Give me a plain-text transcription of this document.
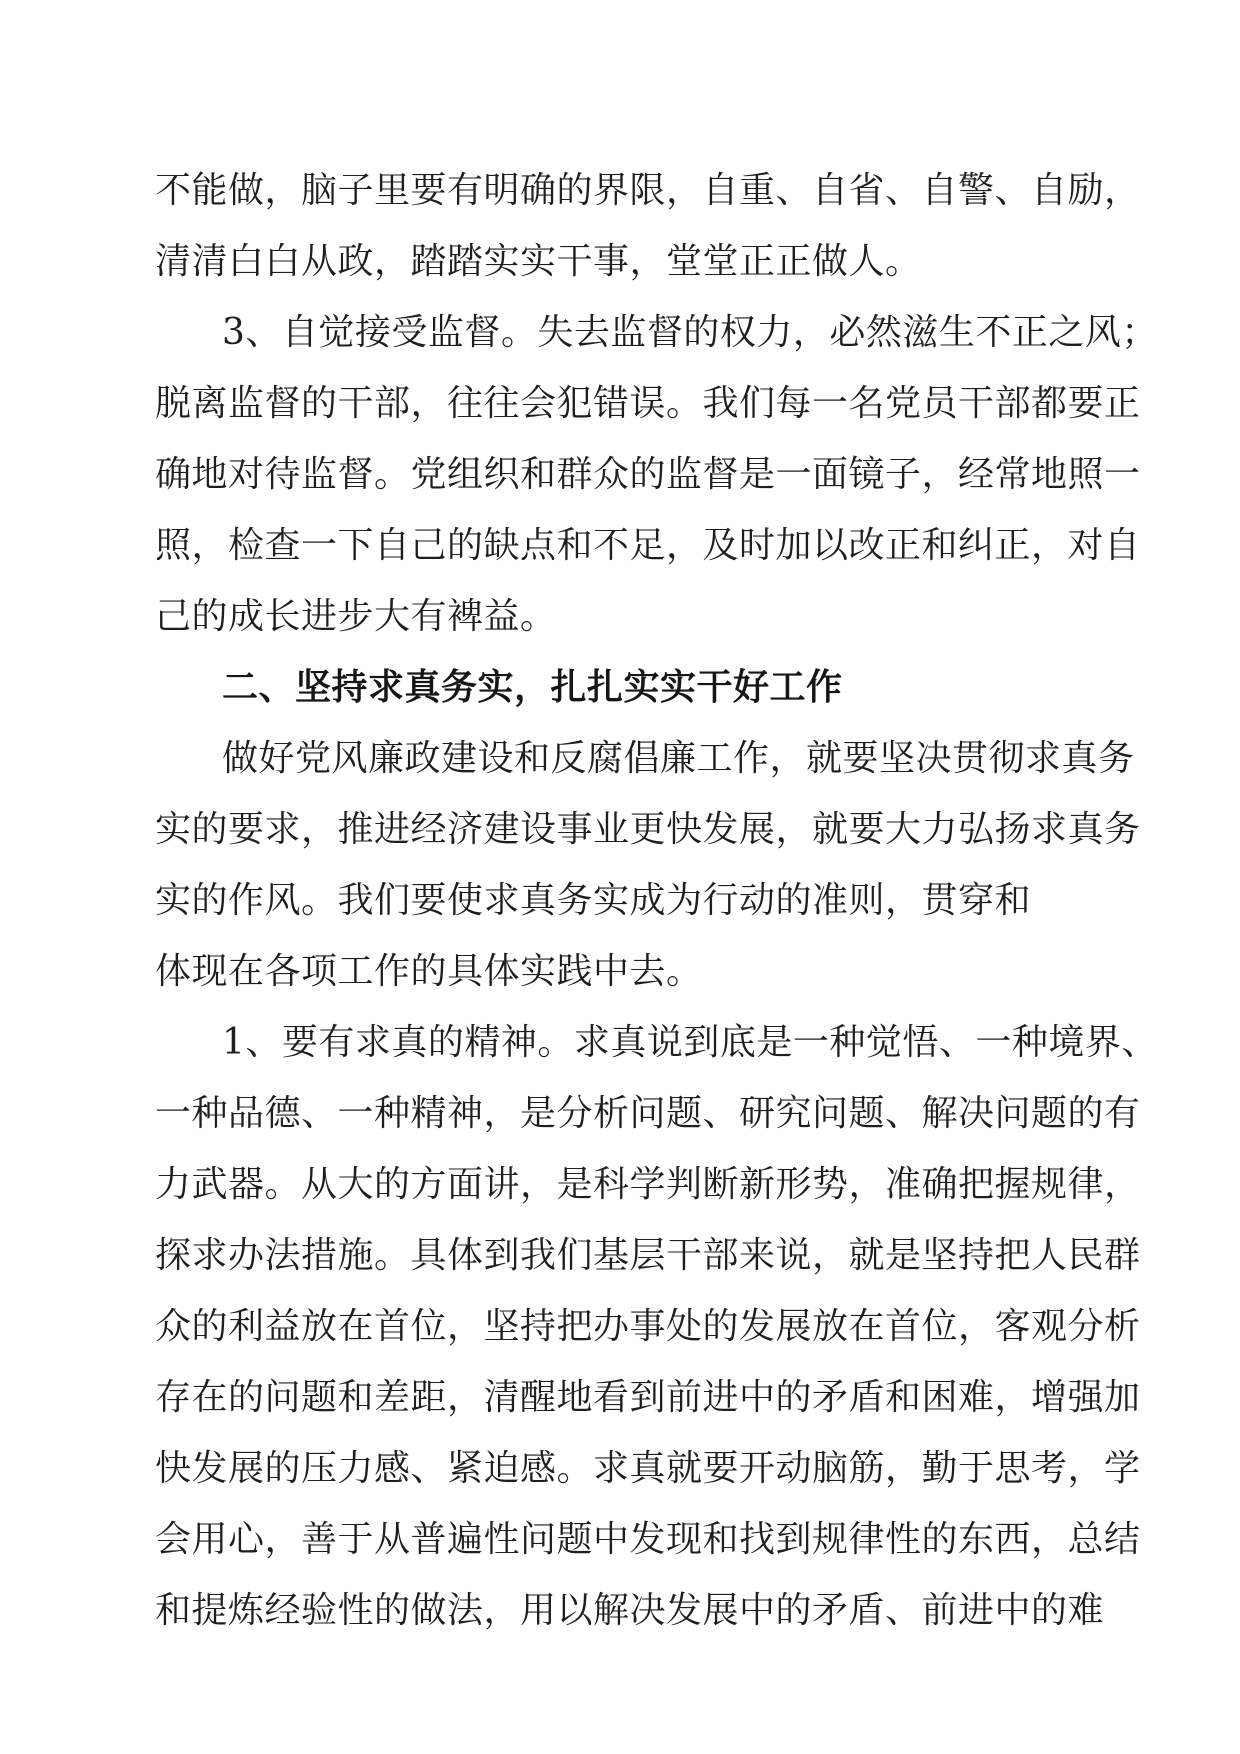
不能做，脑子里要有明确的界限，自重、自省、自警、自励，
清清白白从政，踏踏实实干事，堂堂正正做人。
3、自觉接受监督。失去监督的权力，必然滋生不正之风；
脱离监督的干部，往往会犯错误。我们每一名党员干部都要正
确地对待监督。党组织和群众的监督是一面镜子，经常地照一
照，检查一下自己的缺点和不足，及时加以改正和纠正，对自
己的成长进步大有裨益。
二、坚持求真务实，扎扎实实干好工作
做好党风廉政建设和反腐倡廉工作，就要坚决贯彻求真务
实的要求，推进经济建设事业更快发展，就要大力弘扬求真务
实的作风。我们要使求真务实成为行动的准则，贯穿和
体现在各项工作的具体实践中去。
1、要有求真的精神。求真说到底是一种觉悟、一种境界、
一种品德、一种精神，是分析问题、研究问题、解决问题的有
力武器。从大的方面讲，是科学判断新形势，准确把握规律，
探求办法措施。具体到我们基层干部来说，就是坚持把人民群
众的利益放在首位，坚持把办事处的发展放在首位，客观分析
存在的问题和差距，清醒地看到前进中的矛盾和困难，增强加
快发展的压力感、紧迫感。求真就要开动脑筋，勤于思考，学
会用心，善于从普遍性问题中发现和找到规律性的东西，总结
和提炼经验性的做法，用以解决发展中的矛盾、前进中的难
